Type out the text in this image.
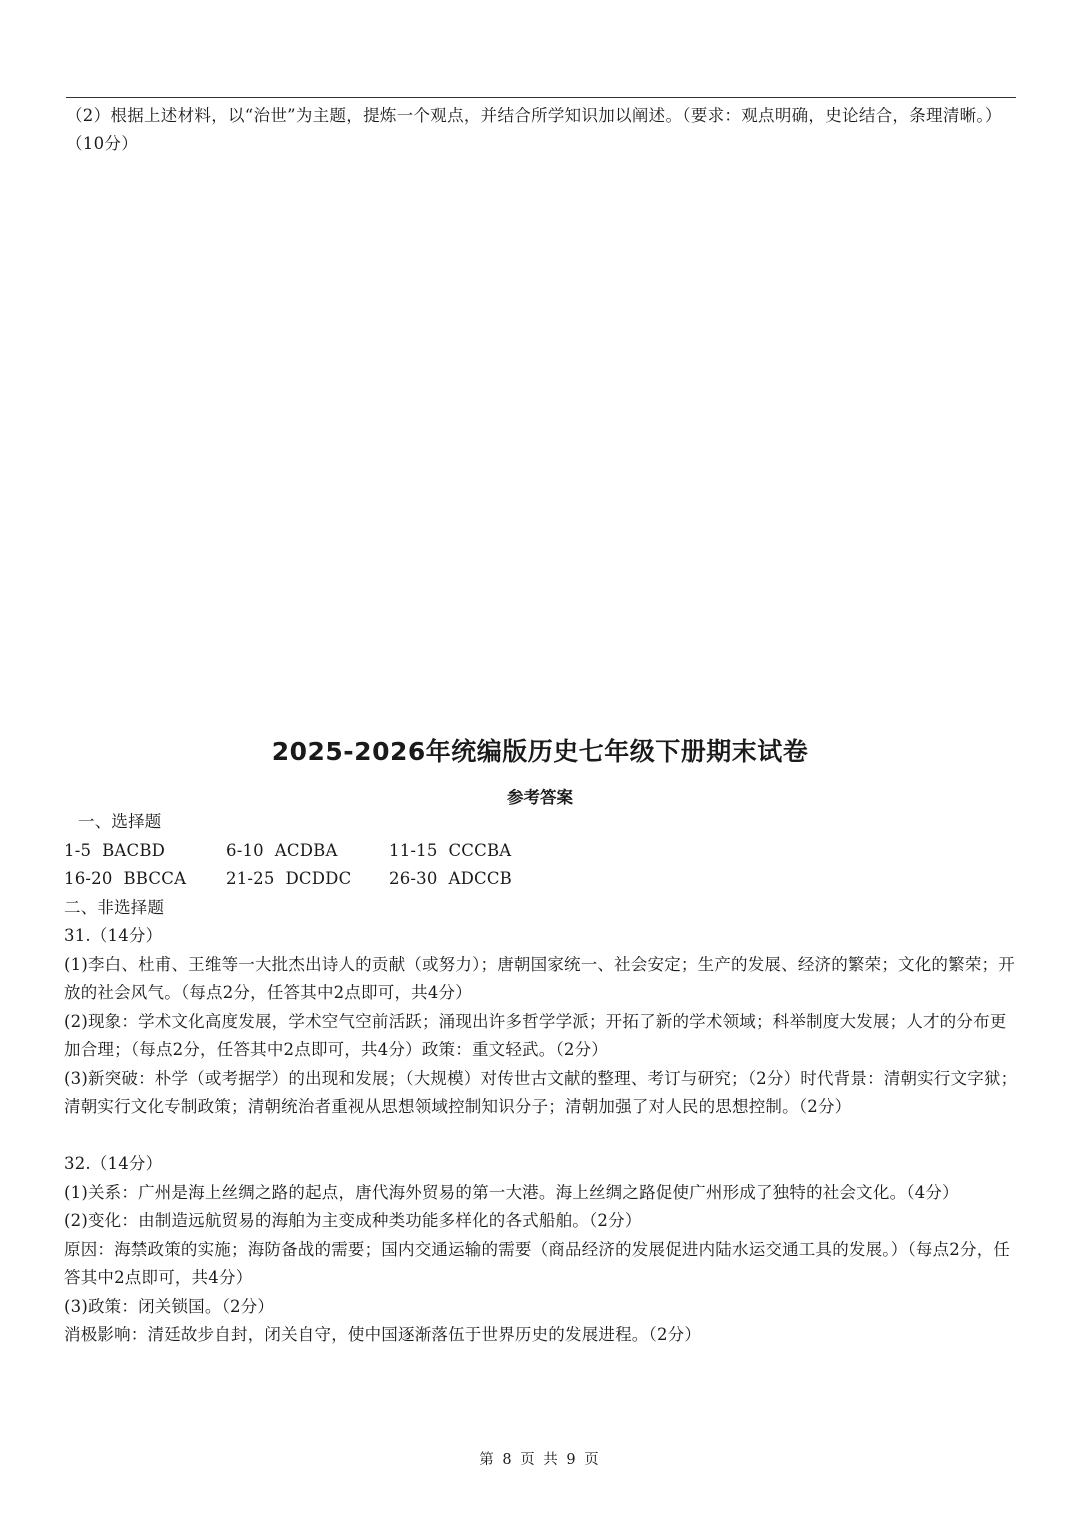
（2）根据上述材料，以“治世”为主题，提炼一个观点，并结合所学知识加以阐述。（要求：观点明确，史论结合，条理清晰。）（10分）

2025-2026年统编版历史七年级下册期末试卷
参考答案

一、选择题

1-5 BACBD	6-10 ACDBA	11-15 CCCBA
16-20 BBCCA	21-25 DCDDC	26-30 ADCCB

二、非选择题

31.（14分）

(1)李白、杜甫、王维等一大批杰出诗人的贡献（或努力）；唐朝国家统一、社会安定；生产的发展、经济的繁荣；文化的繁荣；开放的社会风气。（每点2分，任答其中2点即可，共4分）

(2)现象：学术文化高度发展，学术空气空前活跃；涌现出许多哲学学派；开拓了新的学术领域；科举制度大发展；人才的分布更加合理；（每点2分，任答其中2点即可，共4分）政策：重文轻武。（2分）

(3)新突破：朴学（或考据学）的出现和发展；（大规模）对传世古文献的整理、考订与研究；（2分）时代背景：清朝实行文字狱；清朝实行文化专制政策；清朝统治者重视从思想领域控制知识分子；清朝加强了对人民的思想控制。（2分）

32.（14分）

(1)关系：广州是海上丝绸之路的起点，唐代海外贸易的第一大港。海上丝绸之路促使广州形成了独特的社会文化。（4分）

(2)变化：由制造远航贸易的海舶为主变成种类功能多样化的各式船舶。（2分）

原因：海禁政策的实施；海防备战的需要；国内交通运输的需要（商品经济的发展促进内陆水运交通工具的发展。）（每点2分，任答其中2点即可，共4分）

(3)政策：闭关锁国。（2分）

消极影响：清廷故步自封，闭关自守，使中国逐渐落伍于世界历史的发展进程。（2分）

第 8 页 共 9 页
